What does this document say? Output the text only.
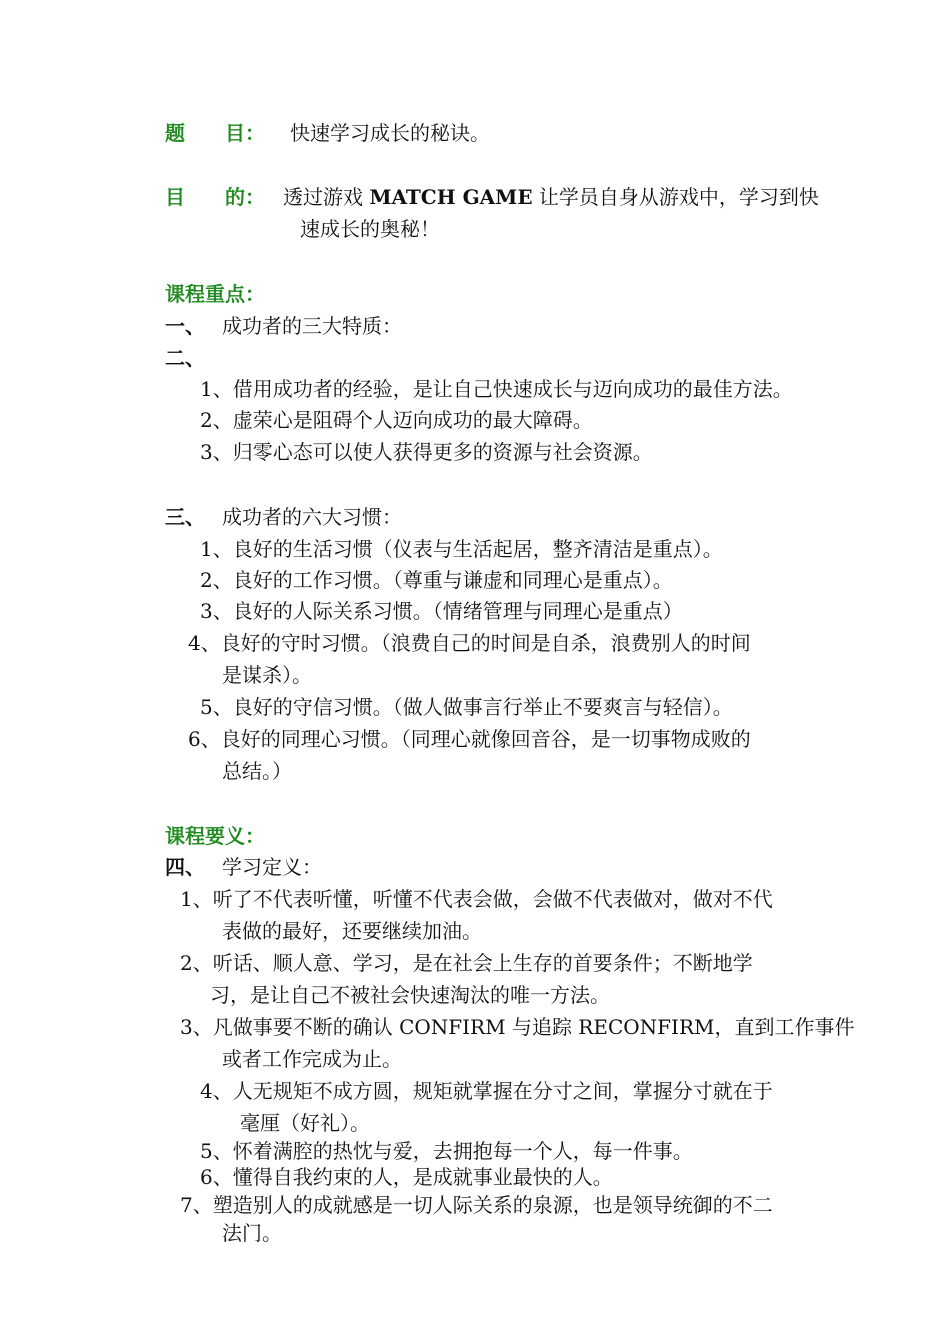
题　　目： 快速学习成长的秘诀。
目　　的： 透过游戏 MATCH GAME 让学员自身从游戏中，学习到快
速成长的奥秘！
课程重点：
一、 成功者的三大特质：
二、
1、借用成功者的经验，是让自己快速成长与迈向成功的最佳方法。
2、虚荣心是阻碍个人迈向成功的最大障碍。
3、归零心态可以使人获得更多的资源与社会资源。
三、 成功者的六大习惯：
1、良好的生活习惯（仪表与生活起居，整齐清洁是重点）。
2、良好的工作习惯。（尊重与谦虚和同理心是重点）。
3、良好的人际关系习惯。（情绪管理与同理心是重点）
4、良好的守时习惯。（浪费自己的时间是自杀，浪费别人的时间
是谋杀）。
5、良好的守信习惯。（做人做事言行举止不要爽言与轻信）。
6、良好的同理心习惯。（同理心就像回音谷，是一切事物成败的
总结。）
课程要义：
四、 学习定义：
1、听了不代表听懂，听懂不代表会做，会做不代表做对，做对不代
表做的最好，还要继续加油。
2、听话、顺人意、学习，是在社会上生存的首要条件；不断地学
习，是让自己不被社会快速淘汰的唯一方法。
3、凡做事要不断的确认 CONFIRM 与追踪 RECONFIRM，直到工作事件
或者工作完成为止。
4、人无规矩不成方圆，规矩就掌握在分寸之间，掌握分寸就在于
毫厘（好礼）。
5、怀着满腔的热忱与爱，去拥抱每一个人，每一件事。
6、懂得自我约束的人，是成就事业最快的人。
7、塑造别人的成就感是一切人际关系的泉源，也是领导统御的不二
法门。
